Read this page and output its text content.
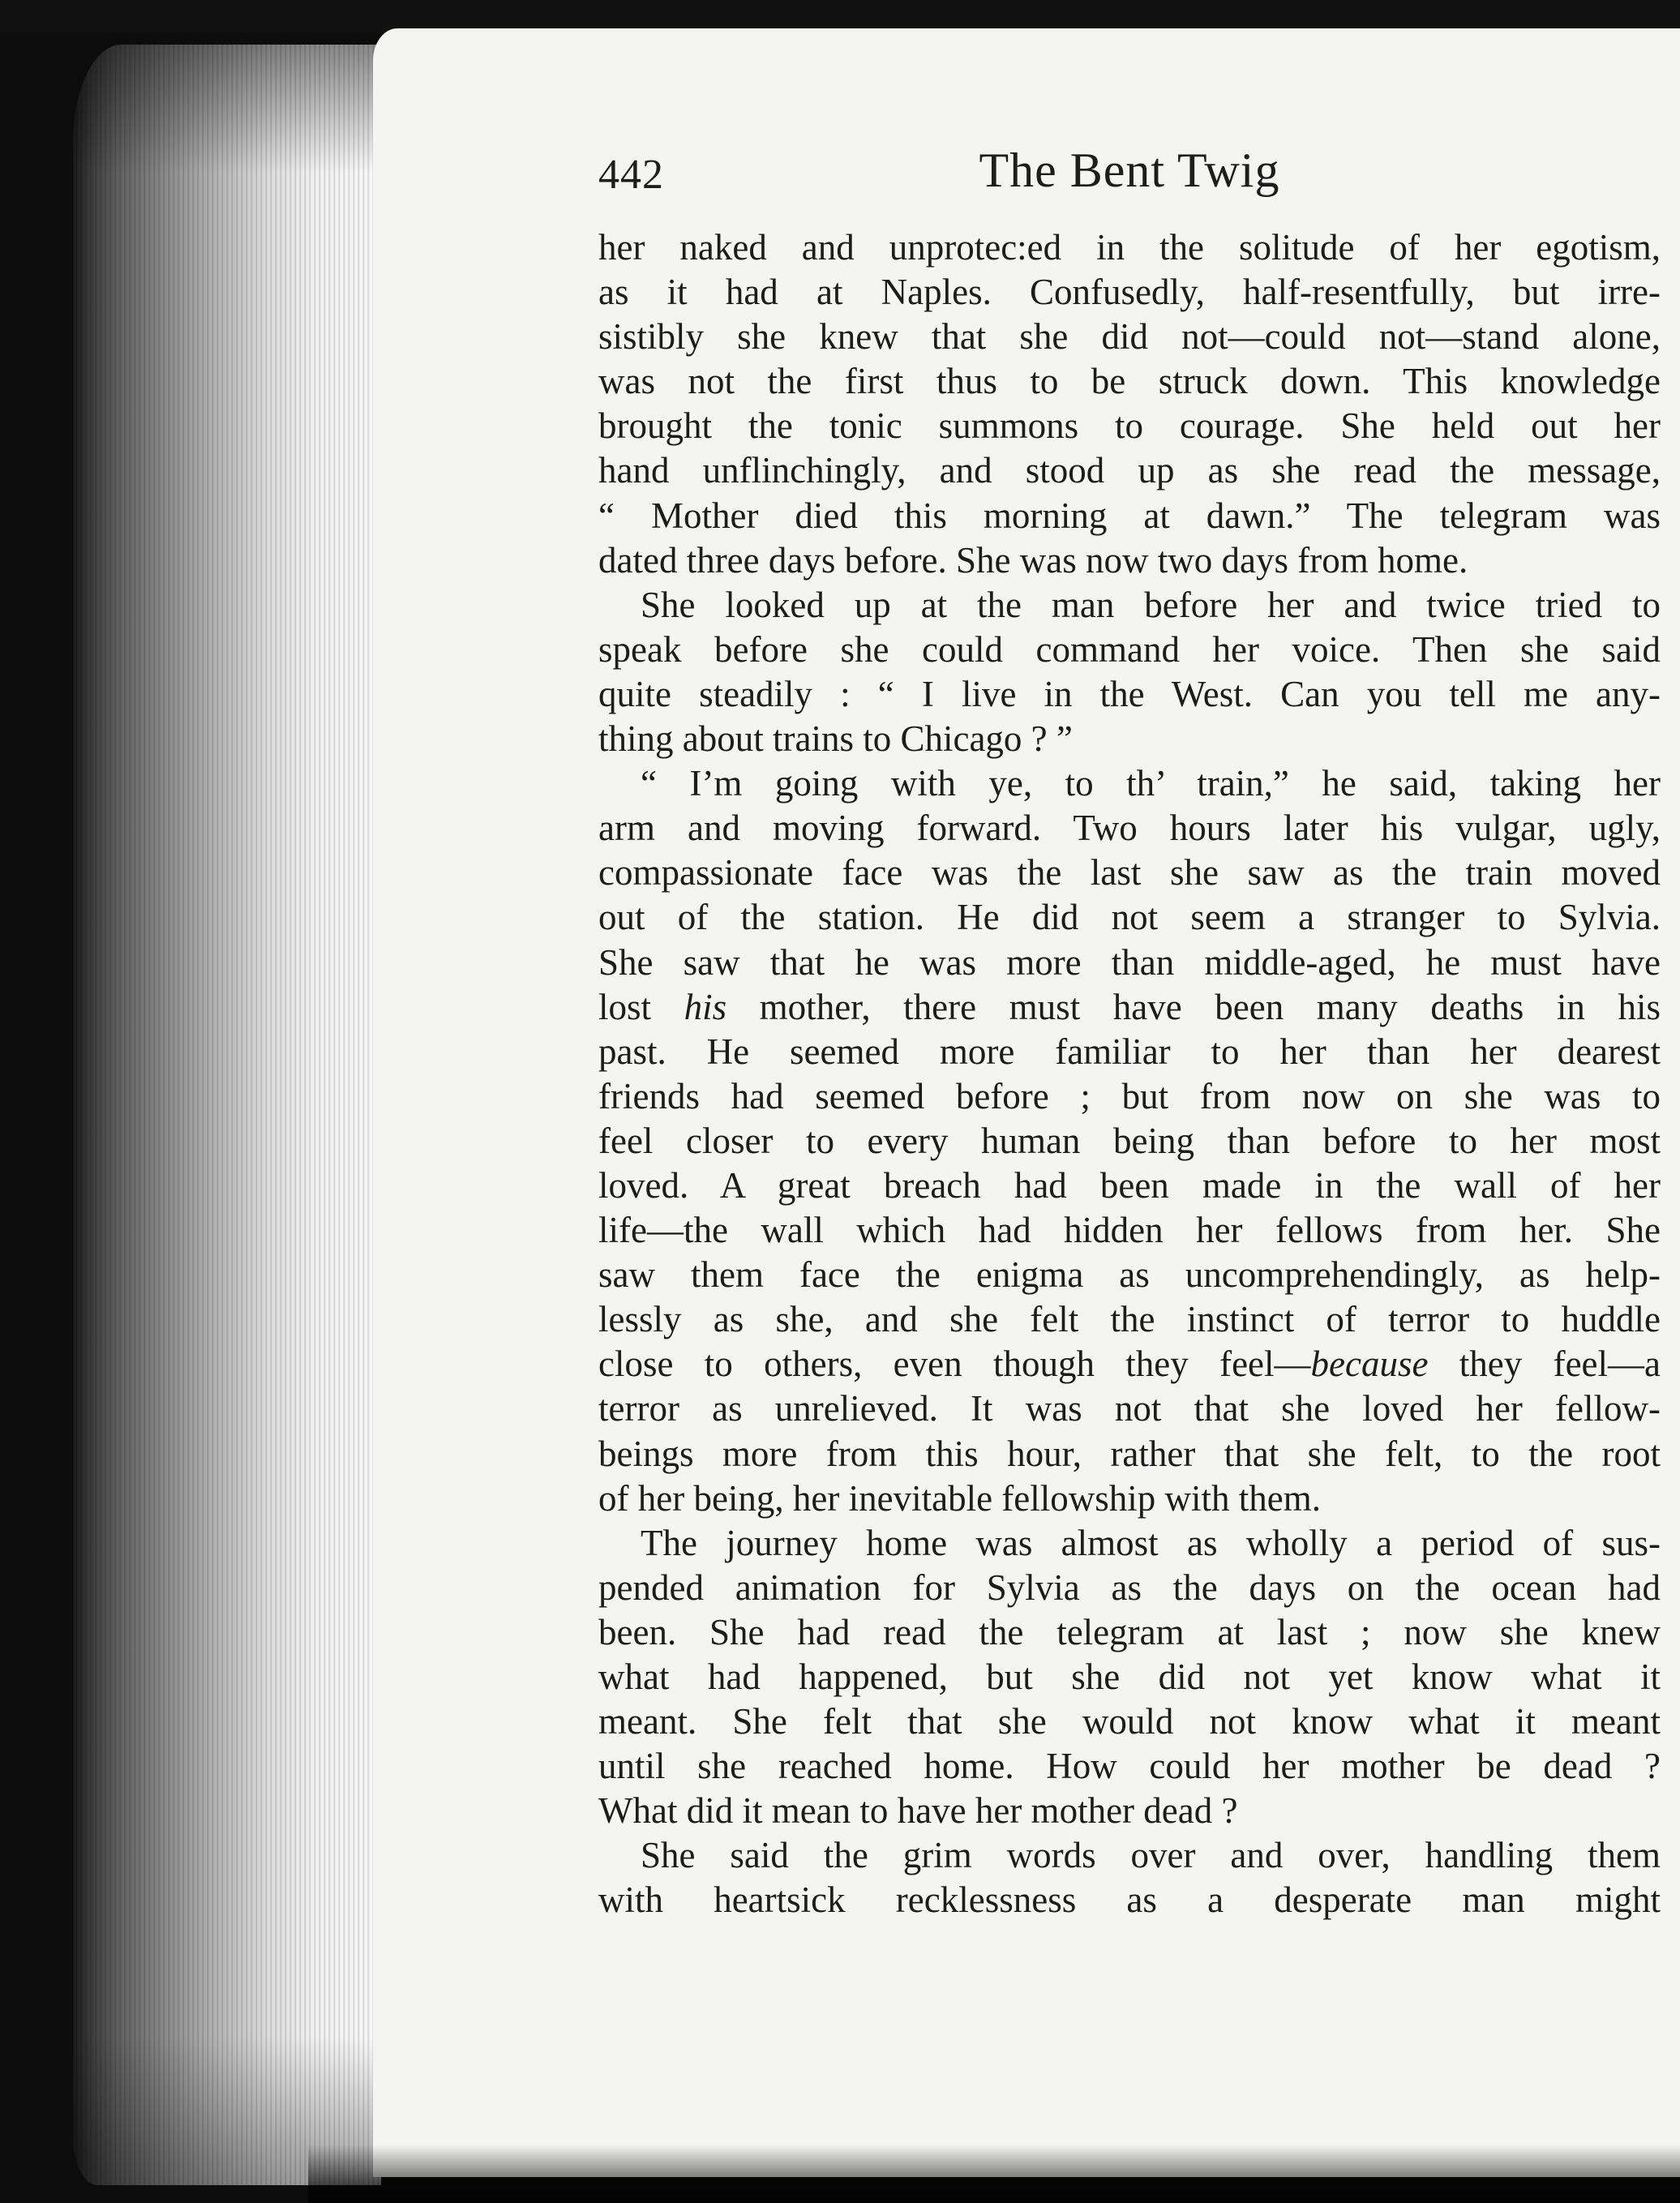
442	The Bent Twig
her naked and unprotec:ed in the solitude of her egotism,
as it had at Naples. Confusedly, half-resentfully, but irre-
sistibly she knew that she did not—could not—stand alone,
was not the first thus to be struck down. This knowledge
brought the tonic summons to courage. She held out her
hand unflinchingly, and stood up as she read the message,
“ Mother died this morning at dawn.” The telegram was
dated three days before. She was now two days from home.
She looked up at the man before her and twice tried to
speak before she could command her voice. Then she said
quite steadily : “ I live in the West. Can you tell me any-
thing about trains to Chicago ? ”
“ I’m going with ye, to th’ train,” he said, taking her
arm and moving forward. Two hours later his vulgar, ugly,
compassionate face was the last she saw as the train moved
out of the station. He did not seem a stranger to Sylvia.
She saw that he was more than middle-aged, he must have
lost his mother, there must have been many deaths in his
past. He seemed more familiar to her than her dearest
friends had seemed before ; but from now on she was to
feel closer to every human being than before to her most
loved. A great breach had been made in the wall of her
life—the wall which had hidden her fellows from her. She
saw them face the enigma as uncomprehendingly, as help-
lessly as she, and she felt the instinct of terror to huddle
close to others, even though they feel—because they feel—a
terror as unrelieved. It was not that she loved her fellow-
beings more from this hour, rather that she felt, to the root
of her being, her inevitable fellowship with them.
The journey home was almost as wholly a period of sus-
pended animation for Sylvia as the days on the ocean had
been. She had read the telegram at last ; now she knew
what had happened, but she did not yet know what it
meant. She felt that she would not know what it meant
until she reached home. How could her mother be dead ?
What did it mean to have her mother dead ?
She said the grim words over and over, handling them
with heartsick recklessness as a desperate man might
